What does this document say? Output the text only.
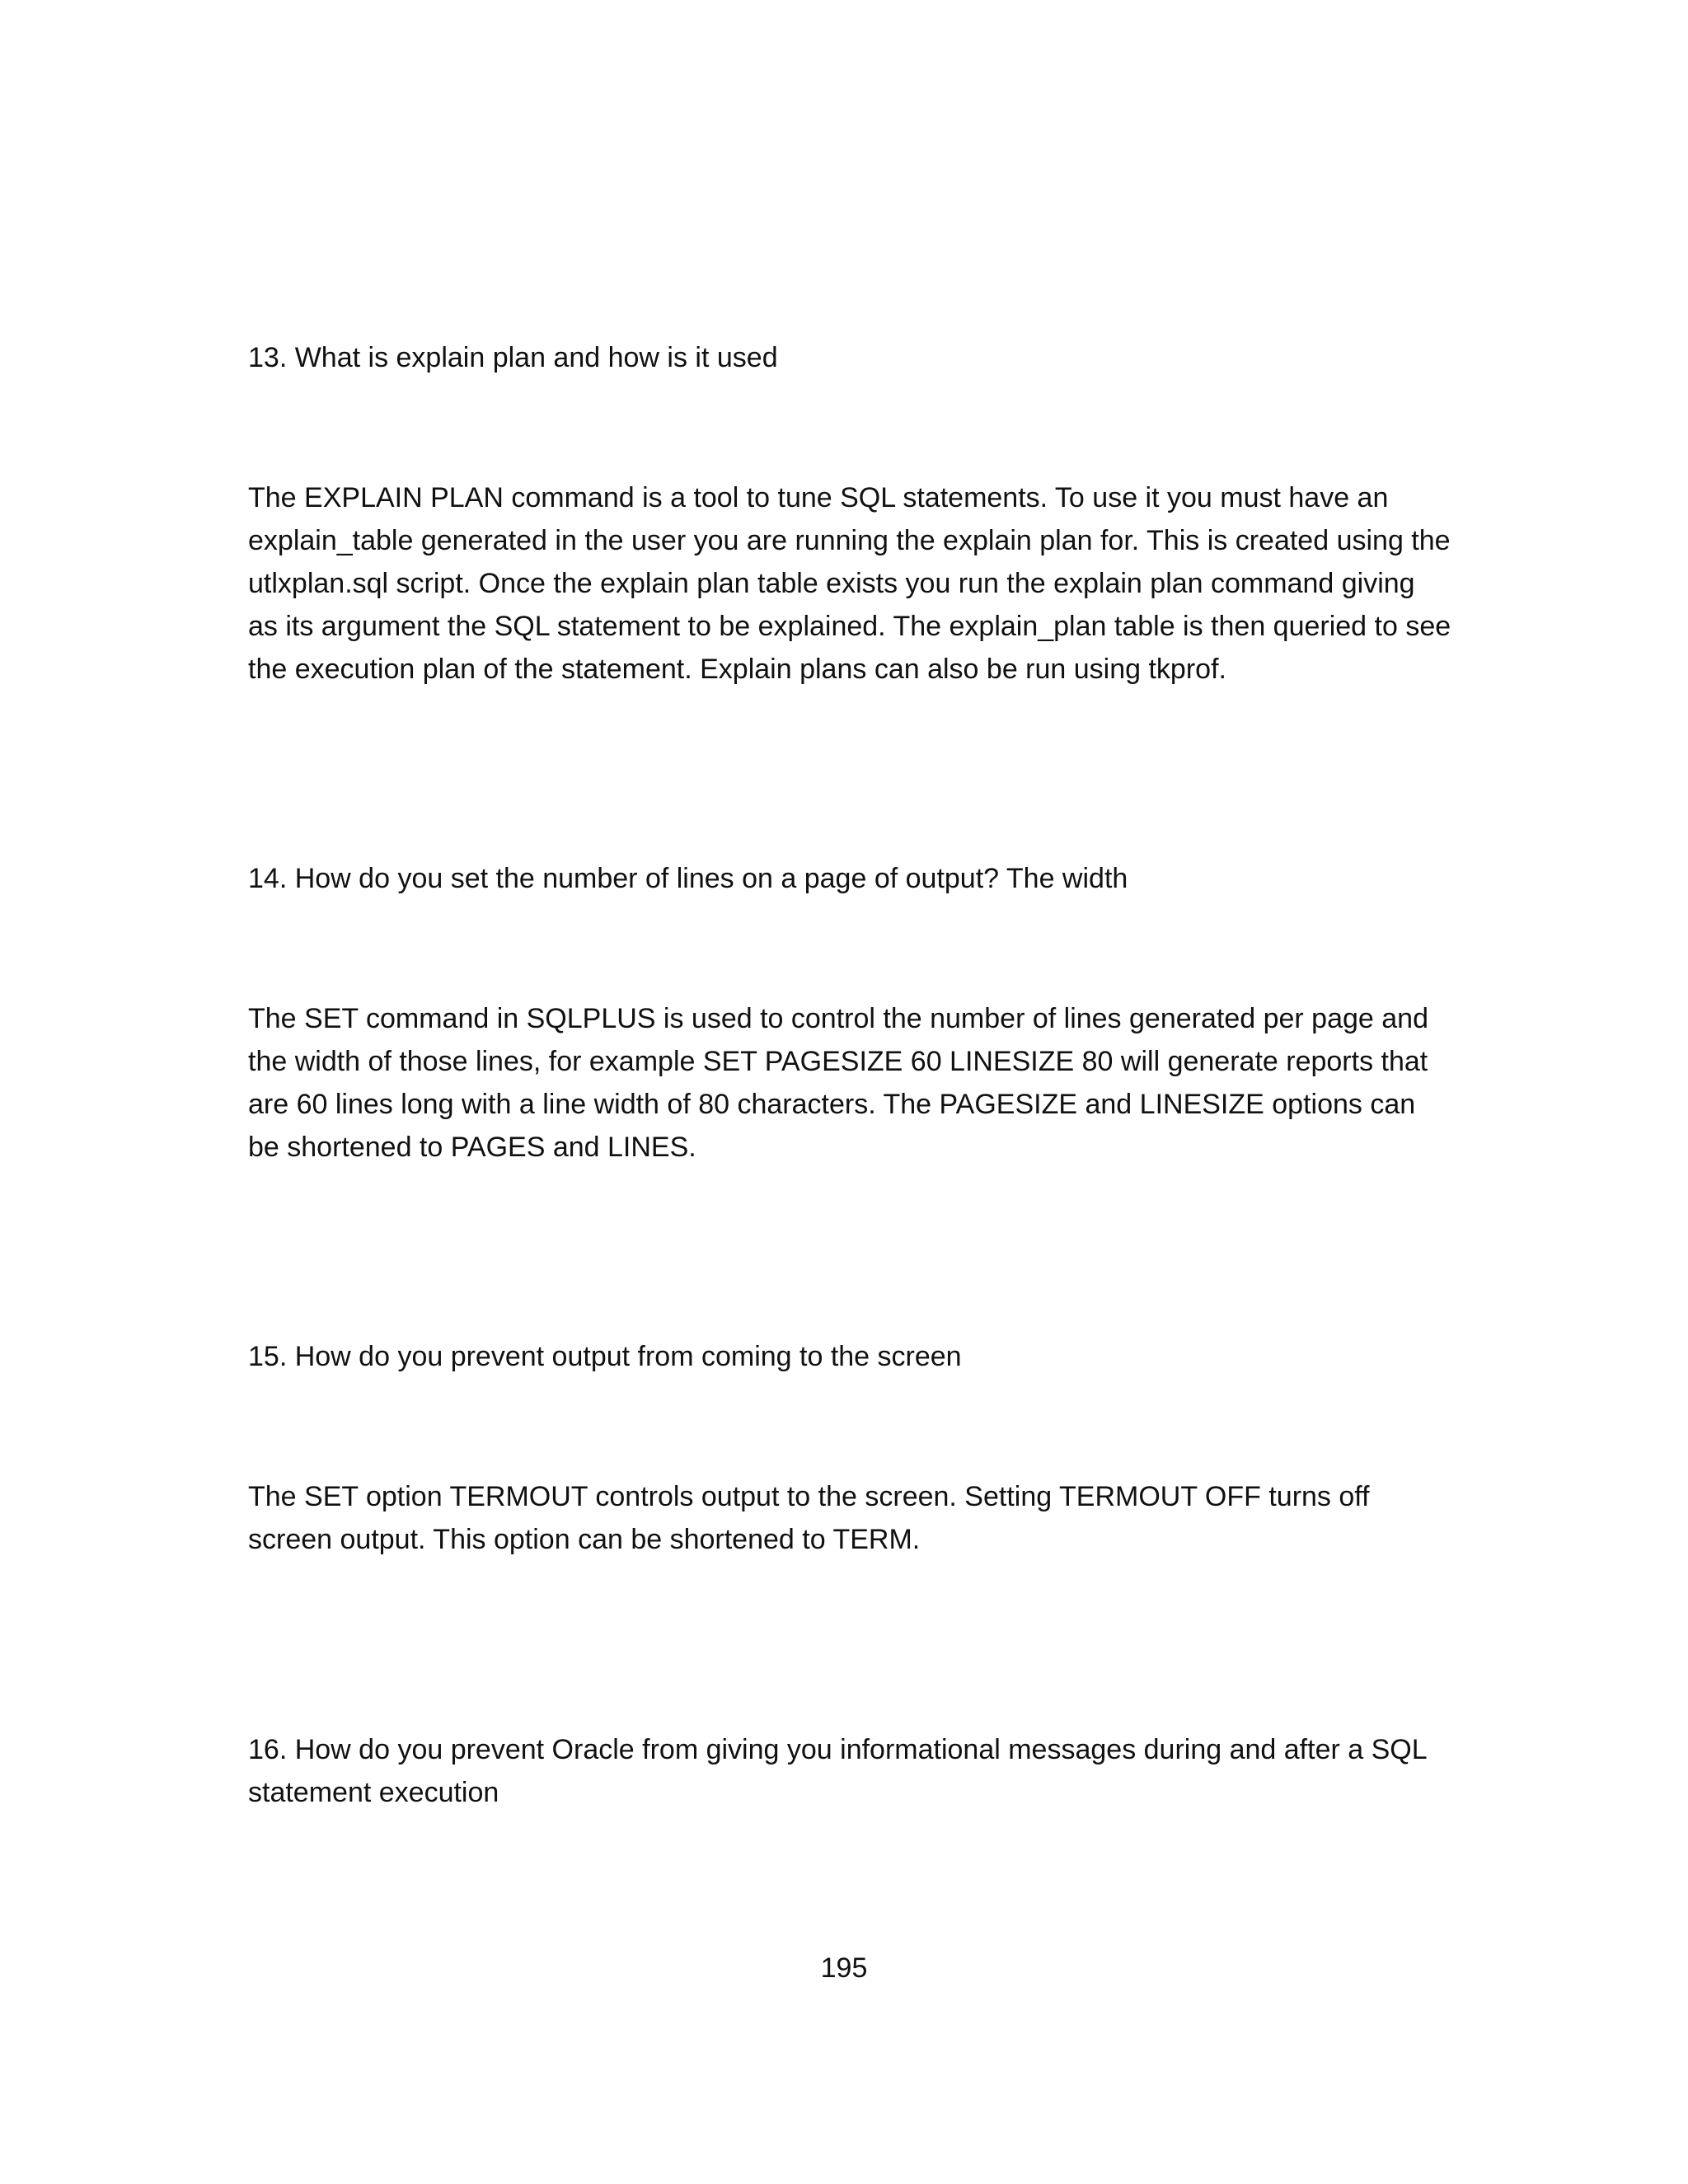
13. What is explain plan and how is it used

The EXPLAIN PLAN command is a tool to tune SQL statements. To use it you must have an explain_table generated in the user you are running the explain plan for. This is created using the utlxplan.sql script. Once the explain plan table exists you run the explain plan command giving as its argument the SQL statement to be explained. The explain_plan table is then queried to see the execution plan of the statement. Explain plans can also be run using tkprof.

14. How do you set the number of lines on a page of output? The width

The SET command in SQLPLUS is used to control the number of lines generated per page and the width of those lines, for example SET PAGESIZE 60 LINESIZE 80 will generate reports that are 60 lines long with a line width of 80 characters. The PAGESIZE and LINESIZE options can be shortened to PAGES and LINES.

15. How do you prevent output from coming to the screen

The SET option TERMOUT controls output to the screen. Setting TERMOUT OFF turns off screen output. This option can be shortened to TERM.

16. How do you prevent Oracle from giving you informational messages during and after a SQL statement execution

195
